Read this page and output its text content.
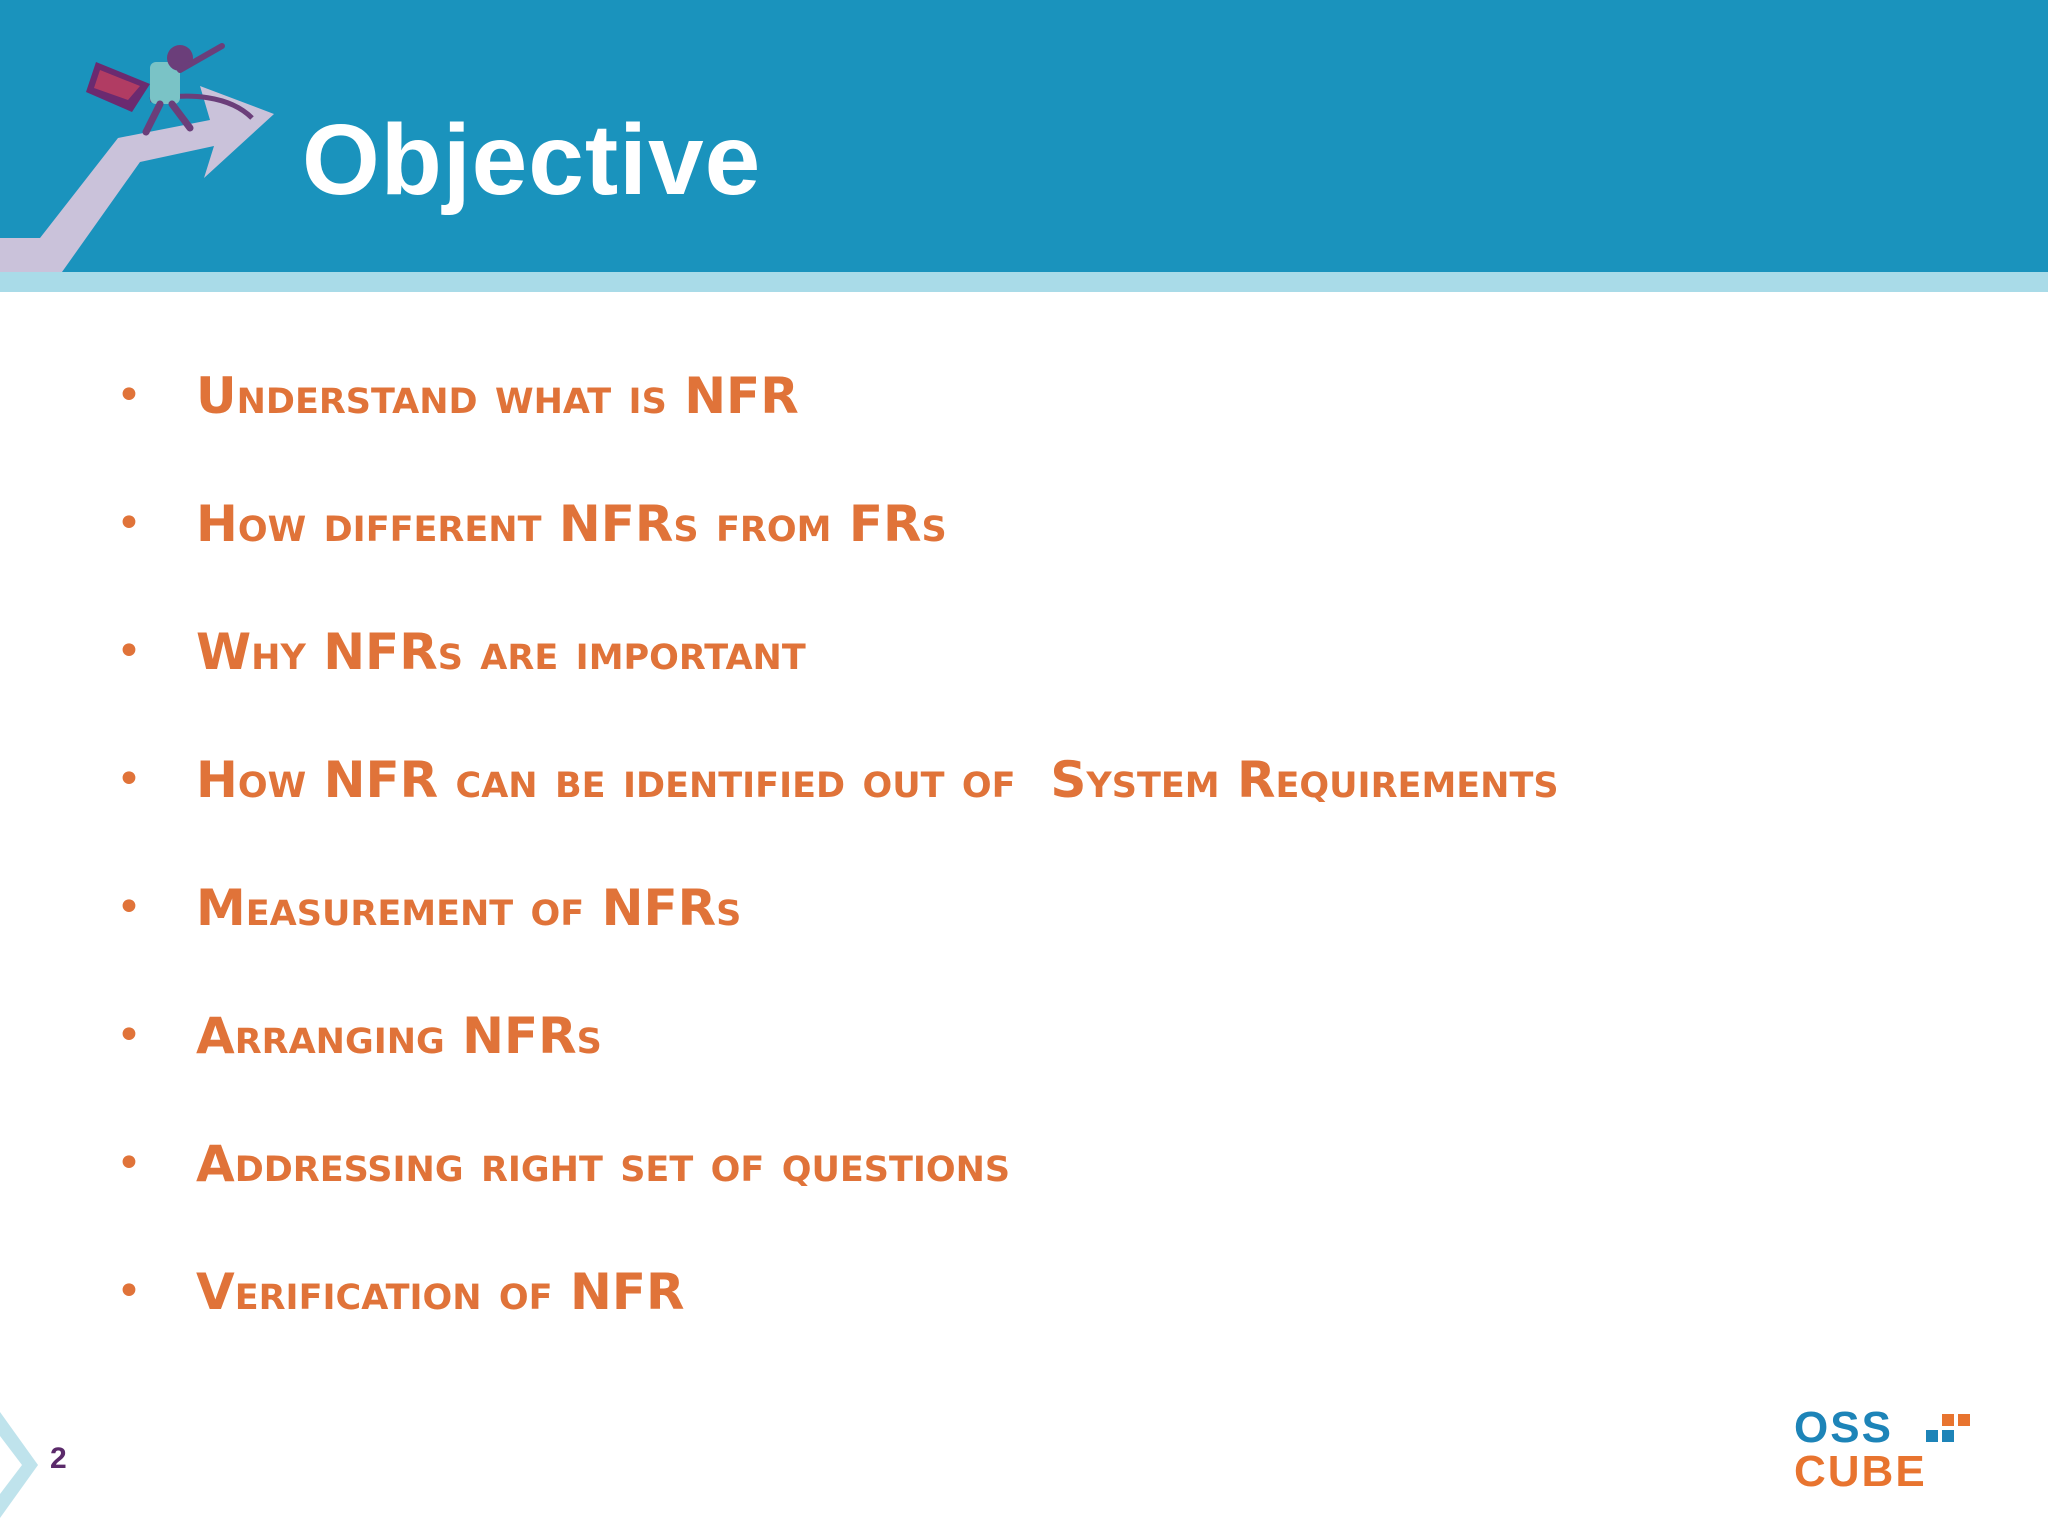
Objective
•	Understand what is NFR
•	How different NFRs from FRs
•	Why NFRs are important
•	How NFR can be identified out of  System Requirements
•	Measurement of NFRs
•	Arranging NFRs
•	Addressing right set of questions
•	Verification of NFR
2
OSS
CUBE
